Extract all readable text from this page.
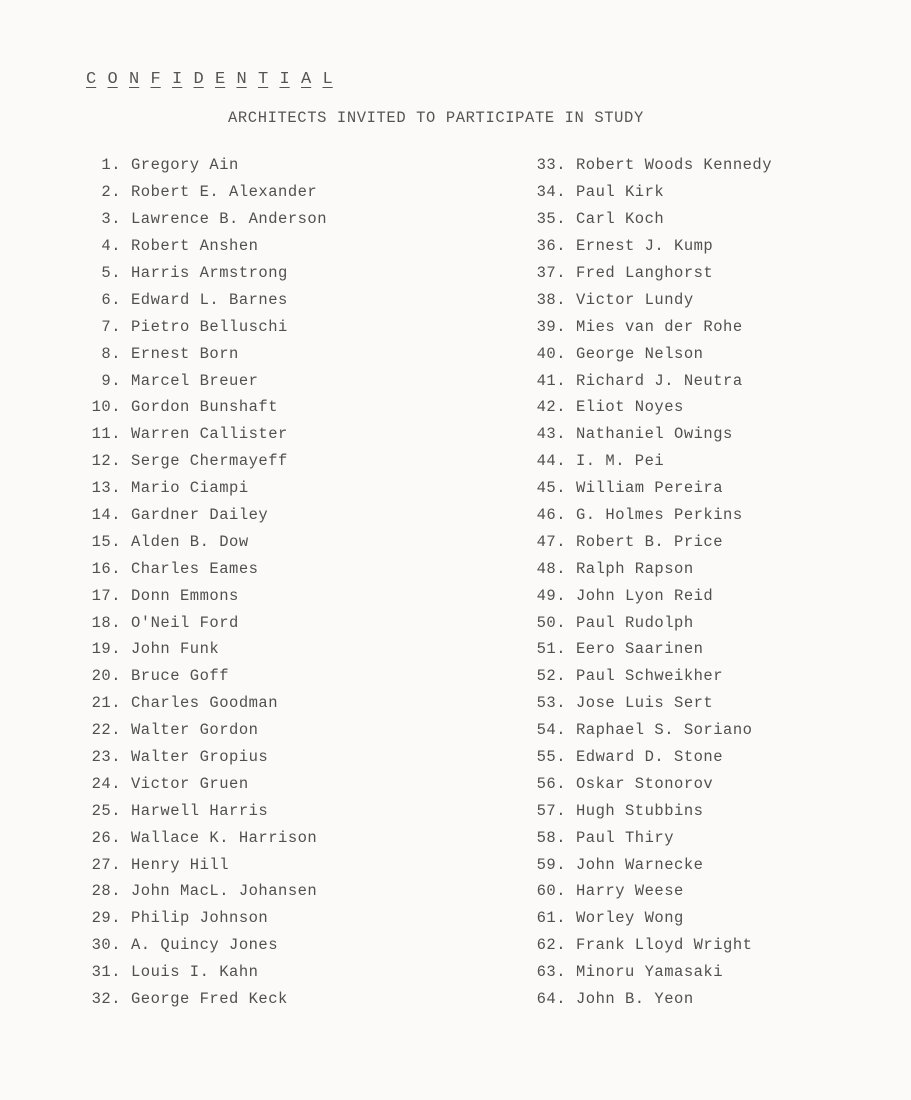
C O N F I D E N T I A L
ARCHITECTS INVITED TO PARTICIPATE IN STUDY
1. Gregory Ain
2. Robert E. Alexander
3. Lawrence B. Anderson
4. Robert Anshen
5. Harris Armstrong
6. Edward L. Barnes
7. Pietro Belluschi
8. Ernest Born
9. Marcel Breuer
10. Gordon Bunshaft
11. Warren Callister
12. Serge Chermayeff
13. Mario Ciampi
14. Gardner Dailey
15. Alden B. Dow
16. Charles Eames
17. Donn Emmons
18. O'Neil Ford
19. John Funk
20. Bruce Goff
21. Charles Goodman
22. Walter Gordon
23. Walter Gropius
24. Victor Gruen
25. Harwell Harris
26. Wallace K. Harrison
27. Henry Hill
28. John MacL. Johansen
29. Philip Johnson
30. A. Quincy Jones
31. Louis I. Kahn
32. George Fred Keck
33. Robert Woods Kennedy
34. Paul Kirk
35. Carl Koch
36. Ernest J. Kump
37. Fred Langhorst
38. Victor Lundy
39. Mies van der Rohe
40. George Nelson
41. Richard J. Neutra
42. Eliot Noyes
43. Nathaniel Owings
44. I. M. Pei
45. William Pereira
46. G. Holmes Perkins
47. Robert B. Price
48. Ralph Rapson
49. John Lyon Reid
50. Paul Rudolph
51. Eero Saarinen
52. Paul Schweikher
53. Jose Luis Sert
54. Raphael S. Soriano
55. Edward D. Stone
56. Oskar Stonorov
57. Hugh Stubbins
58. Paul Thiry
59. John Warnecke
60. Harry Weese
61. Worley Wong
62. Frank Lloyd Wright
63. Minoru Yamasaki
64. John B. Yeon
